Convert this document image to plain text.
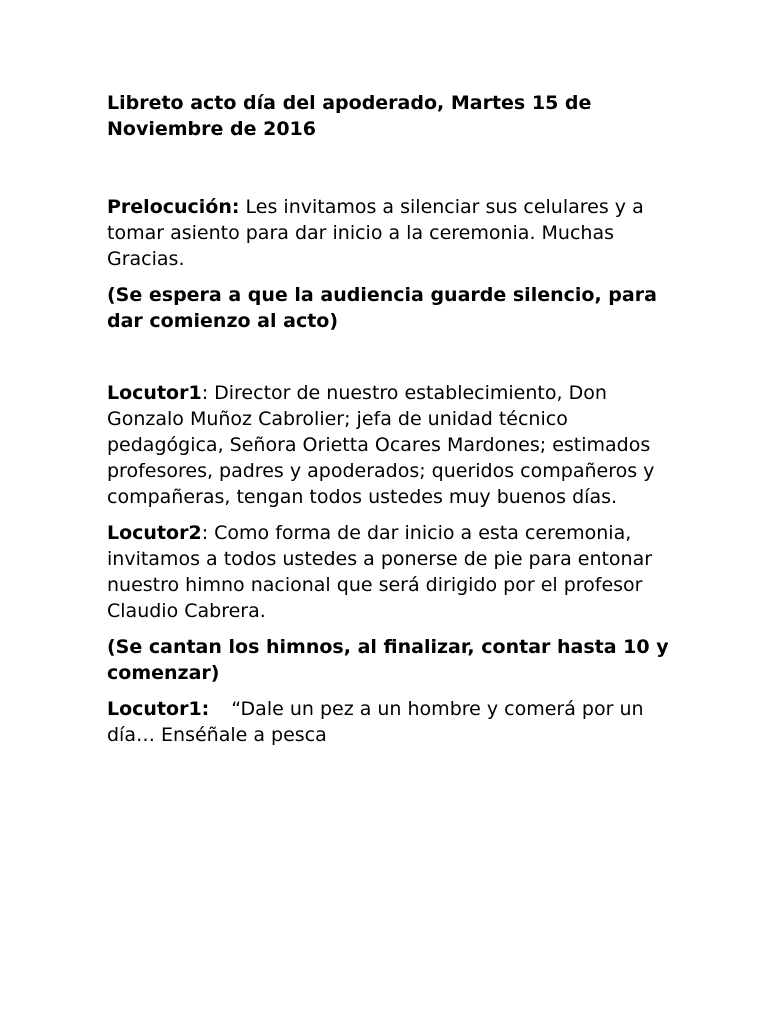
Libreto acto día del apoderado, Martes 15 de Noviembre de 2016

Prelocución: Les invitamos a silenciar sus celulares y a tomar asiento para dar inicio a la ceremonia. Muchas Gracias.

(Se espera a que la audiencia guarde silencio, para dar comienzo al acto)

Locutor1: Director de nuestro establecimiento, Don Gonzalo Muñoz Cabrolier; jefa de unidad técnico pedagógica, Señora Orietta Ocares Mardones; estimados profesores, padres y apoderados; queridos compañeros y compañeras, tengan todos ustedes muy buenos días.

Locutor2: Como forma de dar inicio a esta ceremonia, invitamos a todos ustedes a ponerse de pie para entonar nuestro himno nacional que será dirigido por el profesor Claudio Cabrera.

(Se cantan los himnos, al finalizar, contar hasta 10 y comenzar)

Locutor1: “Dale un pez a un hombre y comerá por un día… Enséñale a pesca
